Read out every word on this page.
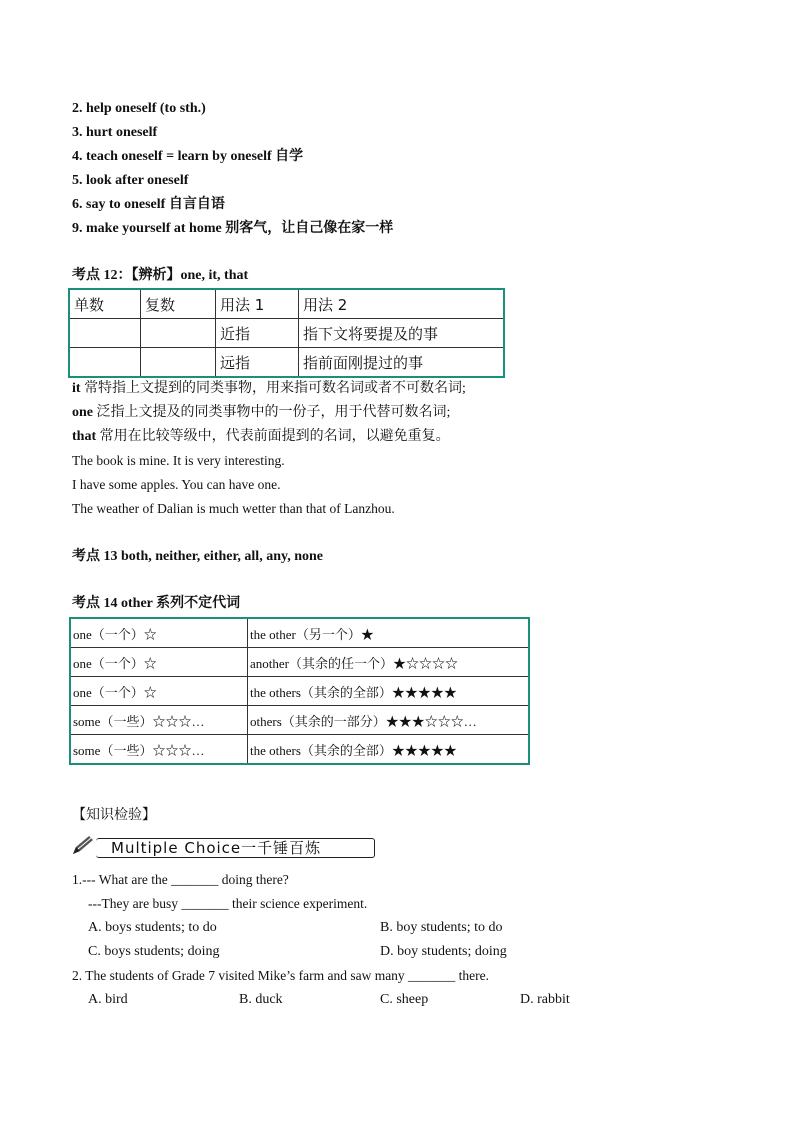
2. help oneself (to sth.)
3. hurt oneself
4. teach oneself = learn by oneself 自学
5. look after oneself
6. say to oneself 自言自语
9. make yourself at home 别客气，让自己像在家一样
考点 12：【辨析】one, it, that
单数	复数	用法 1	用法 2
		近指	指下文将要提及的事
		远指	指前面刚提过的事
it 常特指上文提到的同类事物，用来指可数名词或者不可数名词;
one 泛指上文提及的同类事物中的一份子，用于代替可数名词;
that 常用在比较等级中，代表前面提到的名词，以避免重复。
The book is mine. It is very interesting.
I have some apples. You can have one.
The weather of Dalian is much wetter than that of Lanzhou.
考点 13 both, neither, either, all, any, none
考点 14 other 系列不定代词
one（一个）☆	the other（另一个）★
one（一个）☆	another（其余的任一个）★☆☆☆☆
one（一个）☆	the others（其余的全部）★★★★★
some（一些）☆☆☆…	others（其余的一部分）★★★☆☆☆…
some（一些）☆☆☆…	the others（其余的全部）★★★★★
【知识检验】
Multiple Choice一千锤百炼
1.--- What are the _______ doing there?
---They are busy _______ their science experiment.
A. boys students; to do	B. boy students; to do
C. boys students; doing	D. boy students; doing
2. The students of Grade 7 visited Mike’s farm and saw many _______ there.
A. bird	B. duck	C. sheep	D. rabbit
